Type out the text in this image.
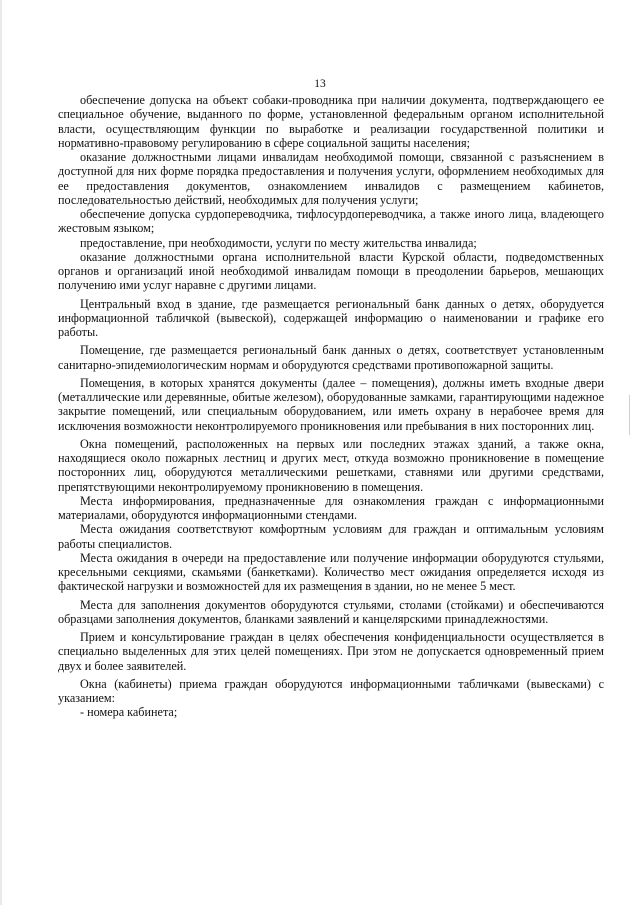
13

обеспечение допуска на объект собаки-проводника при наличии документа, подтверждающего ее специальное обучение, выданного по форме, установленной федеральным органом исполнительной власти, осуществляющим функции по выработке и реализации государственной политики и нормативно-правовому регулированию в сфере социальной защиты населения;

оказание должностными лицами инвалидам необходимой помощи, связанной с разъяснением в доступной для них форме порядка предоставления и получения услуги, оформлением необходимых для ее предоставления документов, ознакомлением инвалидов с размещением кабинетов, последовательностью действий, необходимых для получения услуги;

обеспечение допуска сурдопереводчика, тифлосурдопереводчика, а также иного лица, владеющего жестовым языком;

предоставление, при необходимости, услуги по месту жительства инвалида;

оказание должностными органа исполнительной власти Курской области, подведомственных органов и организаций иной необходимой инвалидам помощи в преодолении барьеров, мешающих получению ими услуг наравне с другими лицами.

Центральный вход в здание, где размещается региональный банк данных о детях, оборудуется информационной табличкой (вывеской), содержащей информацию о наименовании и графике его работы.

Помещение, где размещается региональный банк данных о детях, соответствует установленным санитарно-эпидемиологическим нормам и оборудуются средствами противопожарной защиты.

Помещения, в которых хранятся документы (далее – помещения), должны иметь входные двери (металлические или деревянные, обитые железом), оборудованные замками, гарантирующими надежное закрытие помещений, или специальным оборудованием, или иметь охрану в нерабочее время для исключения возможности неконтролируемого проникновения или пребывания в них посторонних лиц.

Окна помещений, расположенных на первых или последних этажах зданий, а также окна, находящиеся около пожарных лестниц и других мест, откуда возможно проникновение в помещение посторонних лиц, оборудуются металлическими решетками, ставнями или другими средствами, препятствующими неконтролируемому проникновению в помещения.

Места информирования, предназначенные для ознакомления граждан с информационными материалами, оборудуются информационными стендами.

Места ожидания соответствуют комфортным условиям для граждан и оптимальным условиям работы специалистов.

Места ожидания в очереди на предоставление или получение информации оборудуются стульями, кресельными секциями, скамьями (банкетками). Количество мест ожидания определяется исходя из фактической нагрузки и возможностей для их размещения в здании, но не менее 5 мест.

Места для заполнения документов оборудуются стульями, столами (стойками) и обеспечиваются образцами заполнения документов, бланками заявлений и канцелярскими принадлежностями.

Прием и консультирование граждан в целях обеспечения конфиденциальности осуществляется в специально выделенных для этих целей помещениях. При этом не допускается одновременный прием двух и более заявителей.

Окна (кабинеты) приема граждан оборудуются информационными табличками (вывесками) с указанием:

- номера кабинета;
